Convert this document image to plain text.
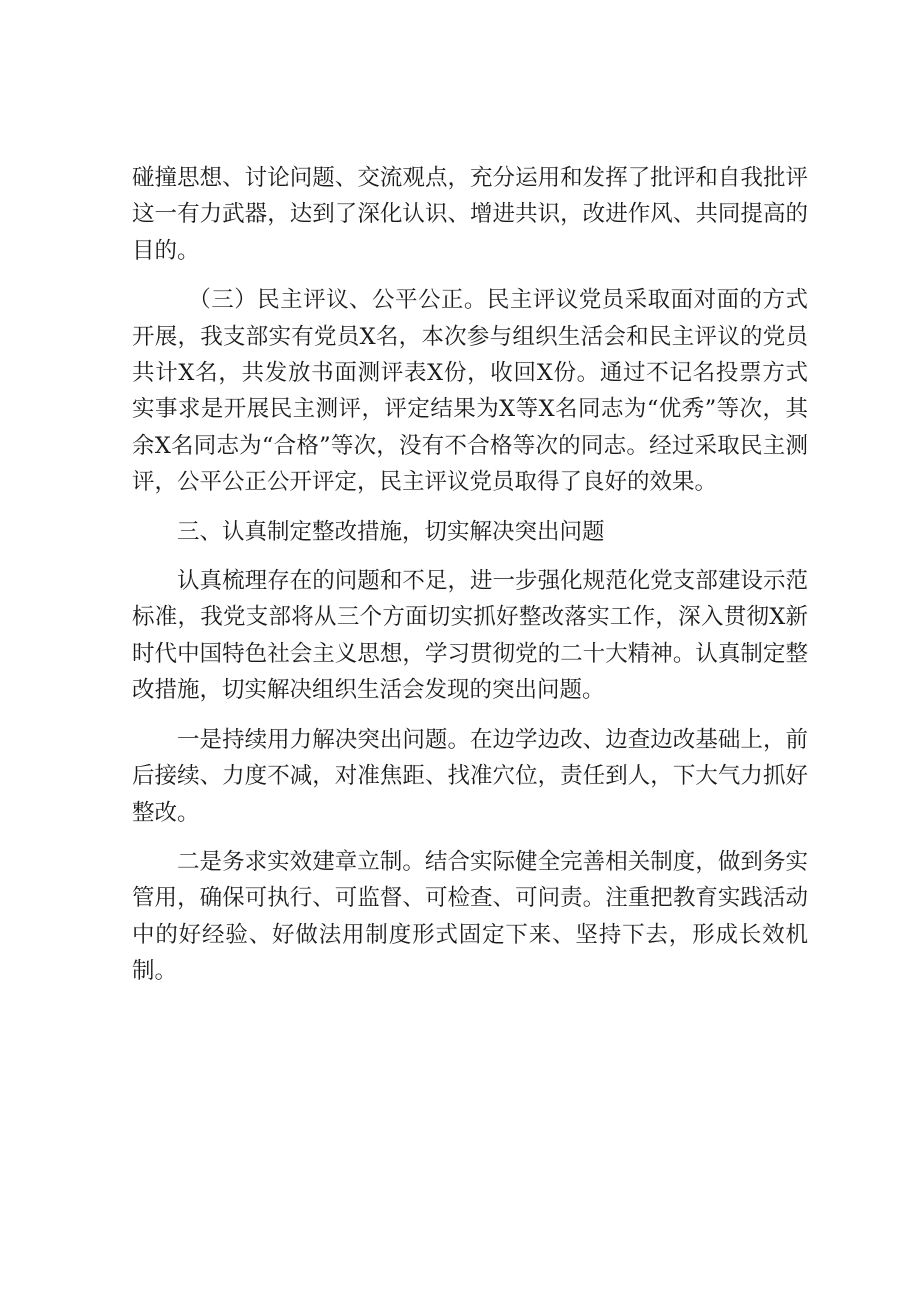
碰撞思想、讨论问题、交流观点，充分运用和发挥了批评和自我批评这一有力武器，达到了深化认识、增进共识，改进作风、共同提高的目的。

（三）民主评议、公平公正。民主评议党员采取面对面的方式开展，我支部实有党员X名，本次参与组织生活会和民主评议的党员共计X名，共发放书面测评表X份，收回X份。通过不记名投票方式实事求是开展民主测评，评定结果为X等X名同志为“优秀”等次，其余X名同志为“合格”等次，没有不合格等次的同志。经过采取民主测评，公平公正公开评定，民主评议党员取得了良好的效果。

三、认真制定整改措施，切实解决突出问题

认真梳理存在的问题和不足，进一步强化规范化党支部建设示范标准，我党支部将从三个方面切实抓好整改落实工作，深入贯彻X新时代中国特色社会主义思想，学习贯彻党的二十大精神。认真制定整改措施，切实解决组织生活会发现的突出问题。

一是持续用力解决突出问题。在边学边改、边查边改基础上，前后接续、力度不减，对准焦距、找准穴位，责任到人，下大气力抓好整改。

二是务求实效建章立制。结合实际健全完善相关制度，做到务实管用，确保可执行、可监督、可检查、可问责。注重把教育实践活动中的好经验、好做法用制度形式固定下来、坚持下去，形成长效机制。
